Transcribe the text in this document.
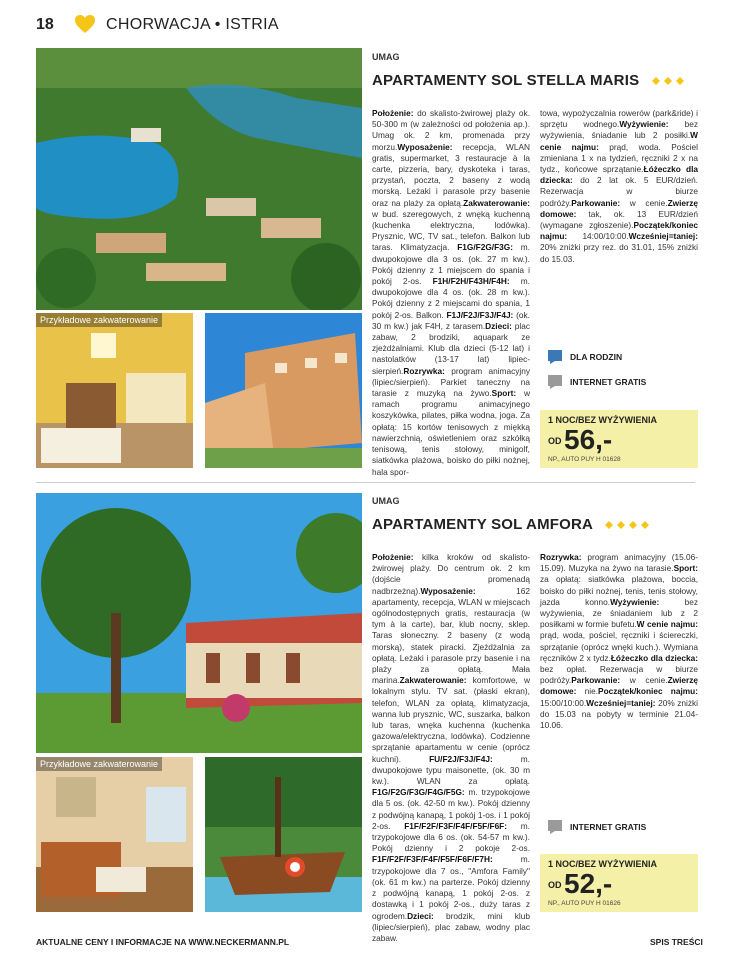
18	CHORWACJA • ISTRIA
Przykładowe zakwaterowanie
UMAG
APARTAMENTY SOL STELLA MARIS

Położenie: do skalisto-żwirowej plaży ok. 50-300 m (w zależności od położenia ap.). Umag ok. 2 km, promenada przy morzu.Wyposażenie: recepcja, WLAN gratis, supermarket, 3 restauracje à la carte, pizzeria, bary, dyskoteka i taras, przystań, poczta, 2 baseny z wodą morską. Leżaki i parasole przy basenie oraz na plaży za opłatą.Zakwaterowanie: w bud. szeregowych, z wnęką kuchenną (kuchenka elektryczna, lodówka). Prysznic, WC, TV sat., telefon. Balkon lub taras. Klimatyzacja. F1G/F2G/F3G: m. dwupokojowe dla 3 os. (ok. 27 m kw.). Pokój dzienny z 1 miejscem do spania i pokój 2-os. F1H/F2H/F43H/F4H: m. dwupokojowe dla 4 os. (ok. 28 m kw.). Pokój dzienny z 2 miejscami do spania, 1 pokój 2-os. Balkon. F1J/F2J/F3J/F4J: (ok. 30 m kw.) jak F4H, z tarasem.Dzieci: plac zabaw, 2 brodziki, aquapark ze zjeżdżalniami. Klub dla dzieci (5-12 lat) i nastolatków (13-17 lat) lipiec-sierpień.Rozrywka: program animacyjny (lipiec/sierpień). Parkiet taneczny na tarasie z muzyką na żywo.Sport: w ramach programu animacyjnego koszykówka, pilates, piłka wodna, joga. Za opłatą: 15 kortów tenisowych z miękką nawierzchnią, oświetleniem oraz szkółką tenisową, tenis stołowy, minigolf, siatkówka plażowa, boisko do piłki nożnej, hala spor-

towa, wypożyczalnia rowerów (park&ride) i sprzętu wodnego.Wyżywienie: bez wyżywienia, śniadanie lub 2 posiłki.W cenie najmu: prąd, woda. Pościel zmieniana 1 x na tydzień, ręczniki 2 x na tydz., końcowe sprzątanie.Łóżeczko dla dziecka: do 2 lat ok. 5 EUR/dzień. Rezerwacja w biurze podróży.Parkowanie: w cenie.Zwierzę domowe: tak, ok. 13 EUR/dzień (wymagane zgłoszenie).Początek/koniec najmu: 14:00/10:00.Wcześniej=taniej: 20% zniżki przy rez. do 31.01, 15% zniżki do 15.03.

DLA RODZIN
INTERNET GRATIS
1 NOC/BEZ WYŻYWIENIA
OD 56,-
NP., AUTO PUY H 01628
Przykładowe zakwaterowanie
UMAG
APARTAMENTY SOL AMFORA

Położenie: kilka kroków od skalisto-żwirowej plaży. Do centrum ok. 2 km (dojście promenadą nadbrzeżną).Wyposażenie: 162 apartamenty, recepcja, WLAN w miejscach ogólnodostępnych gratis, restauracja (w tym à la carte), bar, klub nocny, sklep. Taras słoneczny. 2 baseny (z wodą morską), statek piracki. Zjeżdżalnia za opłatą. Leżaki i parasole przy basenie i na plaży za opłatą. Mała marina.Zakwaterowanie: komfortowe, w lokalnym stylu. TV sat. (płaski ekran), telefon, WLAN za opłatą, klimatyzacja, wanna lub prysznic, WC, suszarka, balkon lub taras, wnęka kuchenna (kuchenka gazowa/elektryczna, lodówka). Codzienne sprzątanie apartamentu w cenie (oprócz kuchni). FU/F2J/F3J/F4J: m. dwupokojowe typu maisonette, (ok. 30 m kw.). WLAN za opłatą. F1G/F2G/F3G/F4G/F5G: m. trzypokojowe dla 5 os. (ok. 42-50 m kw.). Pokój dzienny z podwójną kanapą, 1 pokój 1-os. i 1 pokój 2-os. F1F/F2F/F3F/F4F/F5F/F6F: m. trzypokojowe dla 6 os. (ok. 54-57 m kw.). Pokój dzienny i 2 pokoje 2-os. F1F/F2F/F3F/F4F/F5F/F6F/F7H: m. trzypokojowe dla 7 os., "Amfora Family" (ok. 61 m kw.) na parterze. Pokój dzienny z podwójną kanapą, 1 pokój 2-os. z dostawką i 1 pokój 2-os., duży taras z ogrodem.Dzieci: brodzik, mini klub (lipiec/sierpień), plac zabaw, wodny plac zabaw.

Rozrywka: program animacyjny (15.06-15.09). Muzyka na żywo na tarasie.Sport: za opłatą: siatkówka plażowa, boccia, boisko do piłki nożnej, tenis, tenis stołowy, jazda konno.Wyżywienie: bez wyżywienia, ze śniadaniem lub z 2 posiłkami w formie bufetu.W cenie najmu: prąd, woda, pościel, ręczniki i ściereczki, sprzątanie (oprócz wnęki kuch.). Wymiana ręczników 2 x tydz.Łóżeczko dla dziecka: bez opłat. Rezerwacja w biurze podróży.Parkowanie: w cenie.Zwierzę domowe: nie.Początek/koniec najmu: 15:00/10:00.Wcześniej=taniej: 20% zniżki do 15.03 na pobyty w terminie 21.04-10.06.

INTERNET GRATIS
1 NOC/BEZ WYŻYWIENIA
OD 52,-
NP., AUTO PUY H 01626
AKTUALNE CENY I INFORMACJE NA WWW.NECKERMANN.PL	SPIS TREŚCI
